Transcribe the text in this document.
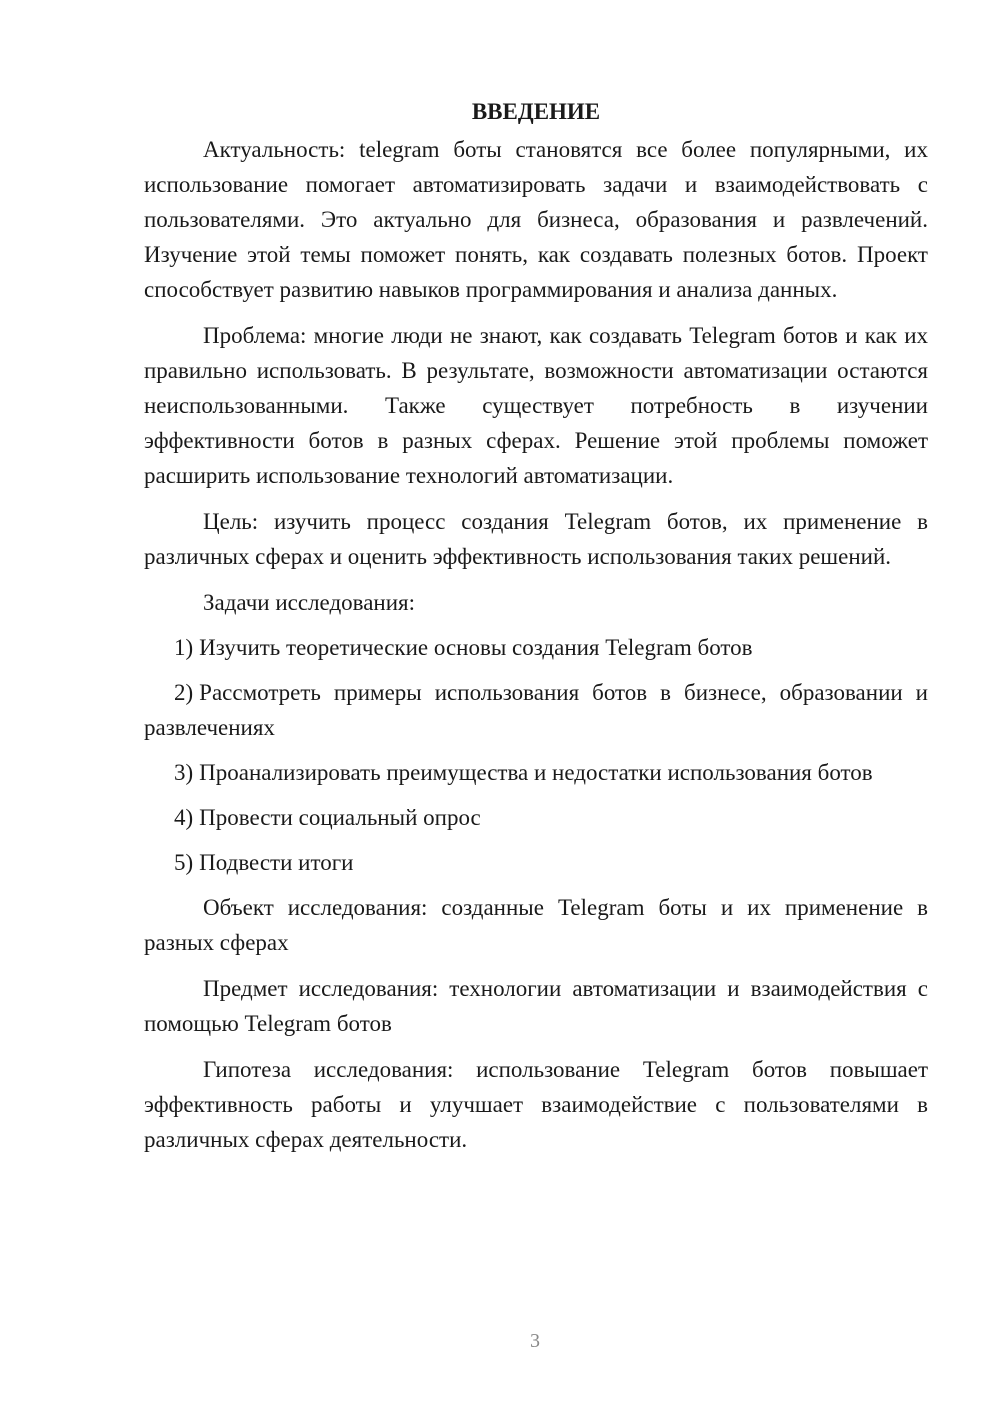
ВВЕДЕНИЕ

Актуальность: telegram боты становятся все более популярными, их использование помогает автоматизировать задачи и взаимодействовать с пользователями. Это актуально для бизнеса, образования и развлечений. Изучение этой темы поможет понять, как создавать полезных ботов. Проект способствует развитию навыков программирования и анализа данных.

Проблема: многие люди не знают, как создавать Telegram ботов и как их правильно использовать. В результате, возможности автоматизации остаются неиспользованными. Также существует потребность в изучении эффективности ботов в разных сферах. Решение этой проблемы поможет расширить использование технологий автоматизации.

Цель: изучить процесс создания Telegram ботов, их применение в различных сферах и оценить эффективность использования таких решений.

Задачи исследования:

1) Изучить теоретические основы создания Telegram ботов
2) Рассмотреть примеры использования ботов в бизнесе, образовании и развлечениях
3) Проанализировать преимущества и недостатки использования ботов
4) Провести социальный опрос
5) Подвести итоги

Объект исследования: созданные Telegram боты и их применение в разных сферах

Предмет исследования: технологии автоматизации и взаимодействия с помощью Telegram ботов

Гипотеза исследования: использование Telegram ботов повышает эффективность работы и улучшает взаимодействие с пользователями в различных сферах деятельности.

3
